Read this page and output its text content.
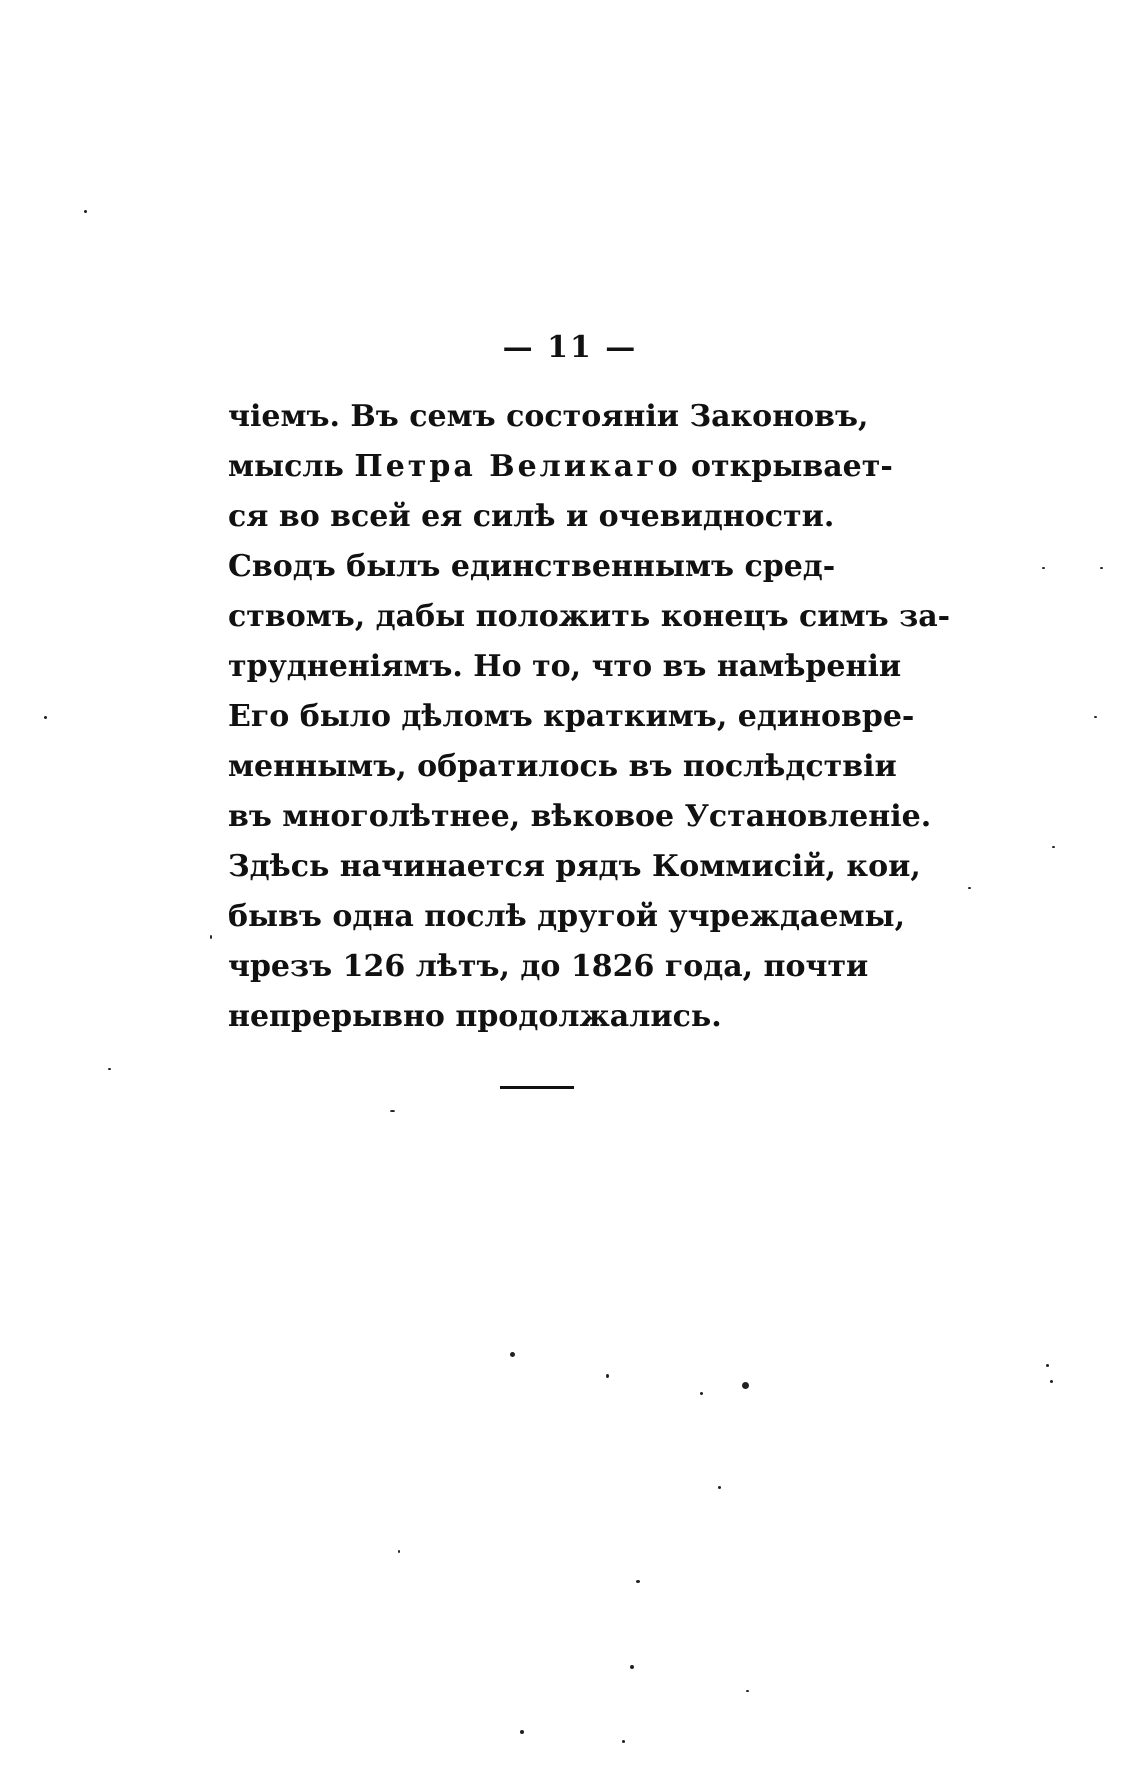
— 11 —
чіемъ. Въ семъ состояніи Законовъ,
мысль Петра Великаго открывает-
ся во всей ея силѣ и очевидности.
Сводъ былъ единственнымъ сред-
ствомъ, дабы положить конецъ симъ за-
трудненіямъ. Но то, что въ намѣреніи
Его было дѣломъ краткимъ, единовре-
меннымъ, обратилось въ послѣдствіи
въ многолѣтнее, вѣковое Установленіе.
Здѣсь начинается рядъ Коммисій, кои,
бывъ одна послѣ другой учреждаемы,
чрезъ 126 лѣтъ, до 1826 года, почти
непрерывно продолжались.
